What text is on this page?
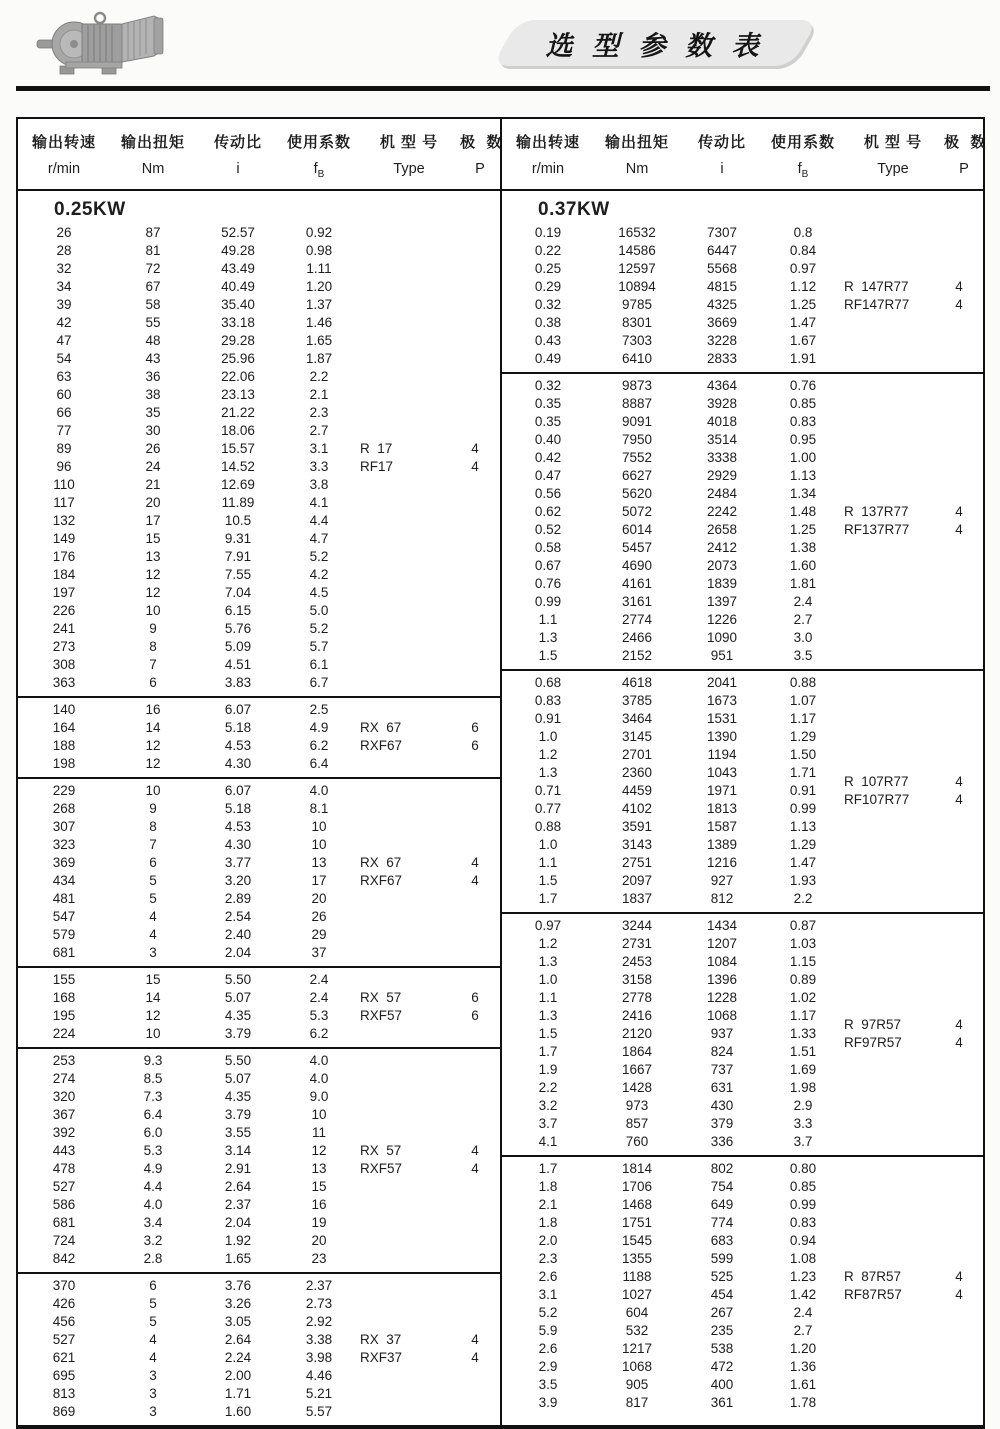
选 型 参 数 表
输出转速	输出扭矩	传动比	使用系数	机 型 号	极  数
r/min	Nm	i	$f_B$	Type	P
0.25KW
26	87	52.57	0.92
28	81	49.28	0.98
32	72	43.49	1.11
34	67	40.49	1.20
39	58	35.40	1.37
42	55	33.18	1.46
47	48	29.28	1.65
54	43	25.96	1.87
63	36	22.06	2.2
60	38	23.13	2.1
66	35	21.22	2.3
77	30	18.06	2.7
89	26	15.57	3.1
96	24	14.52	3.3
110	21	12.69	3.8
117	20	11.89	4.1
132	17	10.5	4.4
149	15	9.31	4.7
176	13	7.91	5.2
184	12	7.55	4.2
197	12	7.04	4.5
226	10	6.15	5.0
241	9	5.76	5.2
273	8	5.09	5.7
308	7	4.51	6.1
363	6	3.83	6.7
R  17	4
RF17	4
140	16	6.07	2.5
164	14	5.18	4.9
188	12	4.53	6.2
198	12	4.30	6.4
RX  67	6
RXF67	6
229	10	6.07	4.0
268	9	5.18	8.1
307	8	4.53	10
323	7	4.30	10
369	6	3.77	13
434	5	3.20	17
481	5	2.89	20
547	4	2.54	26
579	4	2.40	29
681	3	2.04	37
RX  67	4
RXF67	4
155	15	5.50	2.4
168	14	5.07	2.4
195	12	4.35	5.3
224	10	3.79	6.2
RX  57	6
RXF57	6
253	9.3	5.50	4.0
274	8.5	5.07	4.0
320	7.3	4.35	9.0
367	6.4	3.79	10
392	6.0	3.55	11
443	5.3	3.14	12
478	4.9	2.91	13
527	4.4	2.64	15
586	4.0	2.37	16
681	3.4	2.04	19
724	3.2	1.92	20
842	2.8	1.65	23
RX  57	4
RXF57	4
370	6	3.76	2.37
426	5	3.26	2.73
456	5	3.05	2.92
527	4	2.64	3.38
621	4	2.24	3.98
695	3	2.00	4.46
813	3	1.71	5.21
869	3	1.60	5.57
RX  37	4
RXF37	4
输出转速	输出扭矩	传动比	使用系数	机 型 号	极  数
r/min	Nm	i	$f_B$	Type	P
0.37KW
0.19	16532	7307	0.8
0.22	14586	6447	0.84
0.25	12597	5568	0.97
0.29	10894	4815	1.12
0.32	9785	4325	1.25
0.38	8301	3669	1.47
0.43	7303	3228	1.67
0.49	6410	2833	1.91
R  147R77	4
RF147R77	4
0.32	9873	4364	0.76
0.35	8887	3928	0.85
0.35	9091	4018	0.83
0.40	7950	3514	0.95
0.42	7552	3338	1.00
0.47	6627	2929	1.13
0.56	5620	2484	1.34
0.62	5072	2242	1.48
0.52	6014	2658	1.25
0.58	5457	2412	1.38
0.67	4690	2073	1.60
0.76	4161	1839	1.81
0.99	3161	1397	2.4
1.1	2774	1226	2.7
1.3	2466	1090	3.0
1.5	2152	951	3.5
R  137R77	4
RF137R77	4
0.68	4618	2041	0.88
0.83	3785	1673	1.07
0.91	3464	1531	1.17
1.0	3145	1390	1.29
1.2	2701	1194	1.50
1.3	2360	1043	1.71
0.71	4459	1971	0.91
0.77	4102	1813	0.99
0.88	3591	1587	1.13
1.0	3143	1389	1.29
1.1	2751	1216	1.47
1.5	2097	927	1.93
1.7	1837	812	2.2
R  107R77	4
RF107R77	4
0.97	3244	1434	0.87
1.2	2731	1207	1.03
1.3	2453	1084	1.15
1.0	3158	1396	0.89
1.1	2778	1228	1.02
1.3	2416	1068	1.17
1.5	2120	937	1.33
1.7	1864	824	1.51
1.9	1667	737	1.69
2.2	1428	631	1.98
3.2	973	430	2.9
3.7	857	379	3.3
4.1	760	336	3.7
R  97R57	4
RF97R57	4
1.7	1814	802	0.80
1.8	1706	754	0.85
2.1	1468	649	0.99
1.8	1751	774	0.83
2.0	1545	683	0.94
2.3	1355	599	1.08
2.6	1188	525	1.23
3.1	1027	454	1.42
5.2	604	267	2.4
5.9	532	235	2.7
2.6	1217	538	1.20
2.9	1068	472	1.36
3.5	905	400	1.61
3.9	817	361	1.78
R  87R57	4
RF87R57	4
